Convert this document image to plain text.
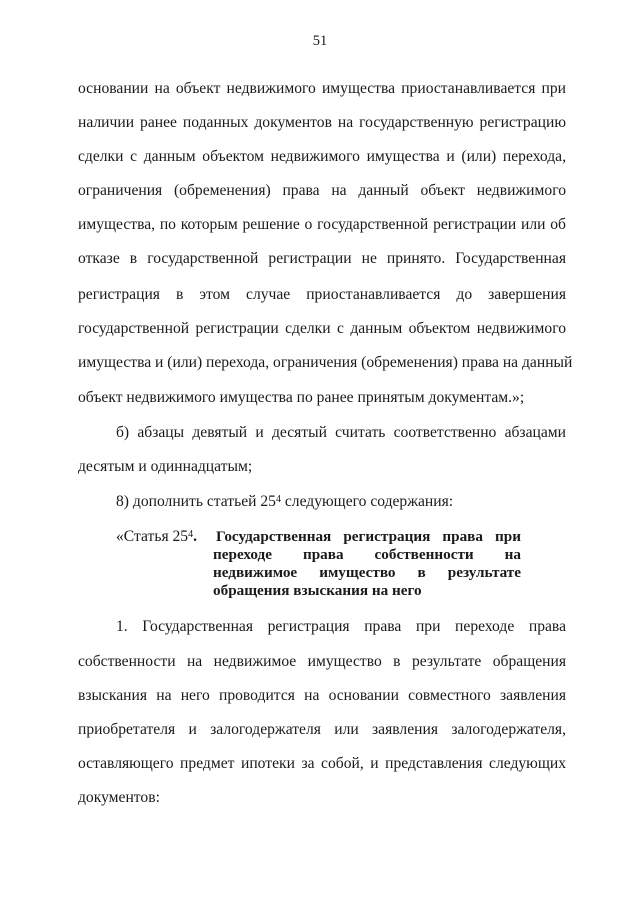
51
основании на объект недвижимого имущества приостанавливается при
наличии ранее поданных документов на государственную регистрацию
сделки с данным объектом недвижимого имущества и (или) перехода,
ограничения (обременения) права на данный объект недвижимого
имущества, по которым решение о государственной регистрации или об
отказе в государственной регистрации не принято. Государственная
регистрация в этом случае приостанавливается до завершения
государственной регистрации сделки с данным объектом недвижимого
имущества и (или) перехода, ограничения (обременения) права на данный
объект недвижимого имущества по ранее принятым документам.»;
б) абзацы девятый и десятый считать соответственно абзацами
десятым и одиннадцатым;
8) дополнить статьей $25^4$ следующего содержания:
«Статья $25^4$.	Государственная регистрация права при
переходе права собственности на
недвижимое имущество в результате
обращения взыскания на него
1. Государственная регистрация права при переходе права
собственности на недвижимое имущество в результате обращения
взыскания на него проводится на основании совместного заявления
приобретателя и залогодержателя или заявления залогодержателя,
оставляющего предмет ипотеки за собой, и представления следующих
документов:
